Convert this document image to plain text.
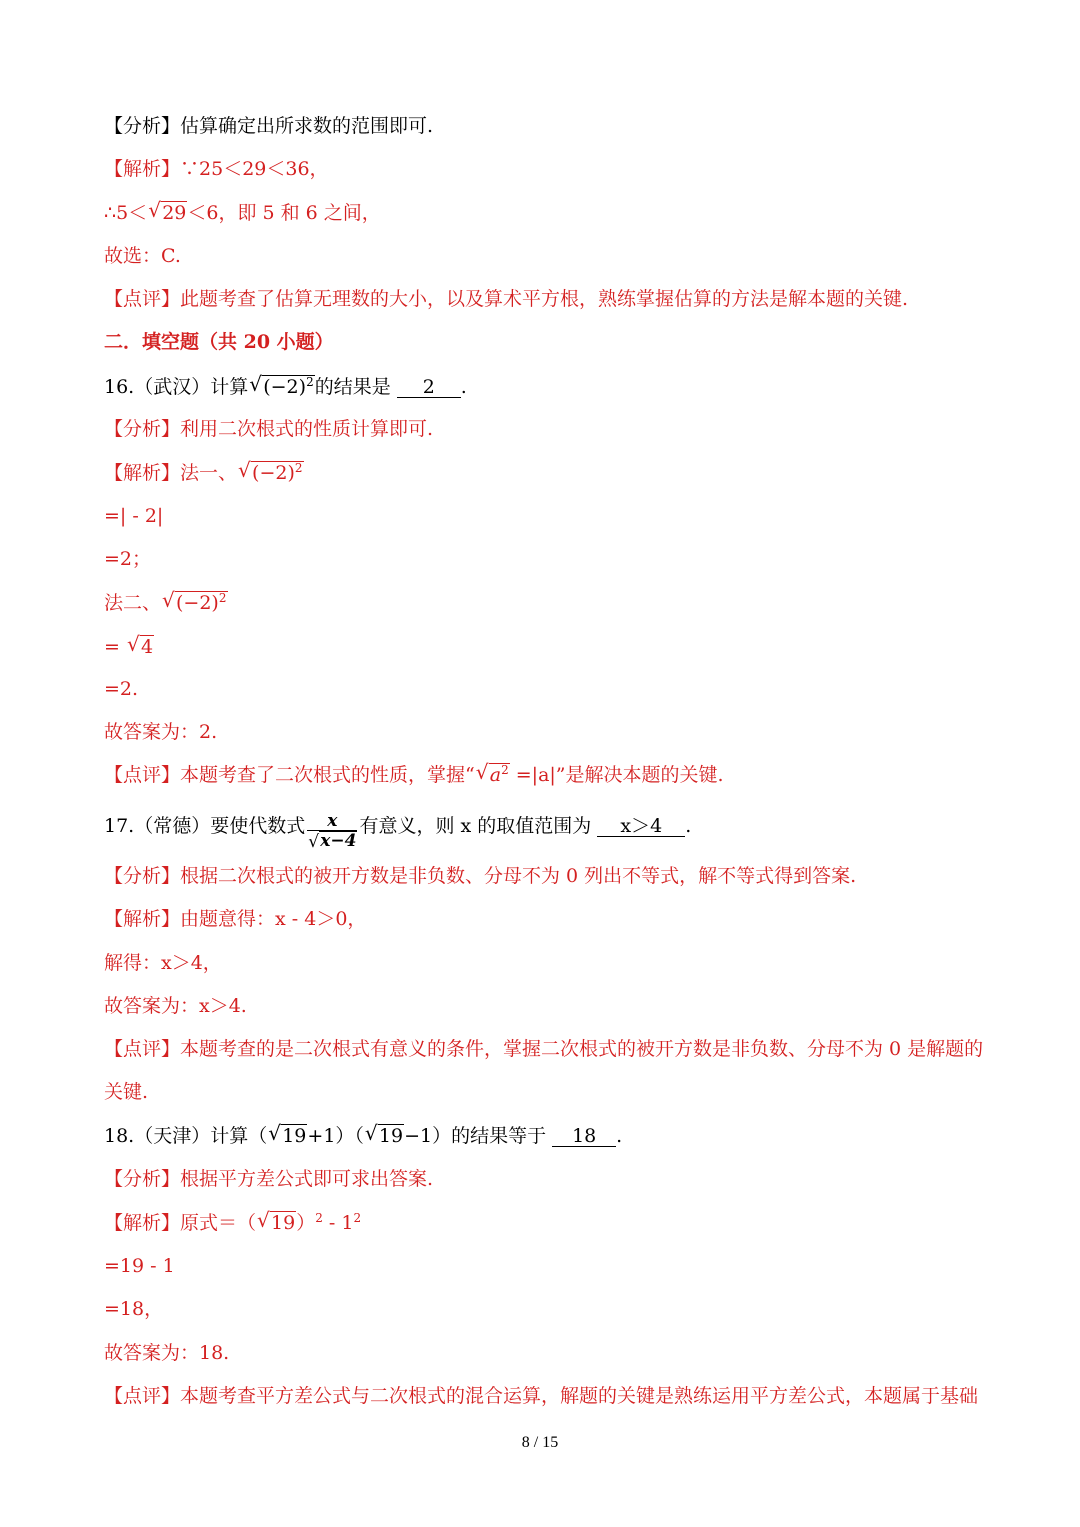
【分析】估算确定出所求数的范围即可.
【解析】∵25＜29＜36，
∴5＜ √ 29＜6，即 5 和 6 之间，
故选：C.
【点评】此题考查了估算无理数的大小，以及算术平方根，熟练掌握估算的方法是解本题的关键.
二．填空题（共 20 小题）
16.（武汉）计算 √ $(-2)^2$的结果是 2 .
【分析】利用二次根式的性质计算即可.
【解析】法一、 √ $(-2)^2$
=| - 2|
=2；
法二、 √ $(-2)^2$
= √ 4
=2.
故答案为：2.
【点评】本题考查了二次根式的性质，掌握“ √ $a^2 =|a|$”是解决本题的关键.
17.（常德）要使代数式 $\frac{x}{√ x-4}$ 有意义，则 x 的取值范围为 x＞4 .
【分析】根据二次根式的被开方数是非负数、分母不为 0 列出不等式，解不等式得到答案.
【解析】由题意得：x - 4＞0，
解得：x＞4，
故答案为：x＞4.
【点评】本题考查的是二次根式有意义的条件，掌握二次根式的被开方数是非负数、分母不为 0 是解题的
关键.
18.（天津）计算（ √ 19+1）（ √ 19−1）的结果等于 18 .
【分析】根据平方差公式即可求出答案.
【解析】原式＝（ √ $19)^2 - 1^2$
=19 - 1
=18，
故答案为：18.
【点评】本题考查平方差公式与二次根式的混合运算，解题的关键是熟练运用平方差公式，本题属于基础
8 / 15
